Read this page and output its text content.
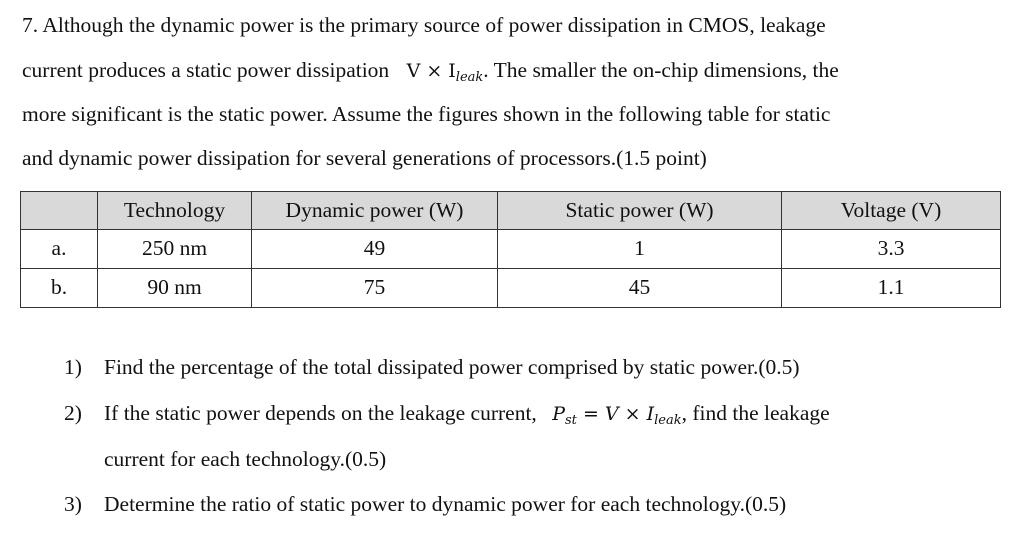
7. Although the dynamic power is the primary source of power dissipation in CMOS, leakage
current produces a static power dissipation $V \times I_{leak}$. The smaller the on-chip dimensions, the
more significant is the static power. Assume the figures shown in the following table for static
and dynamic power dissipation for several generations of processors.(1.5 point)
	Technology	Dynamic power (W)	Static power (W)	Voltage (V)
a.	250 nm	49	1	3.3
b.	90 nm	75	45	1.1
1) Find the percentage of the total dissipated power comprised by static power.(0.5)
2) If the static power depends on the leakage current, $P_{st} = V \times I_{leak}$, find the leakage
current for each technology.(0.5)
3) Determine the ratio of static power to dynamic power for each technology.(0.5)
